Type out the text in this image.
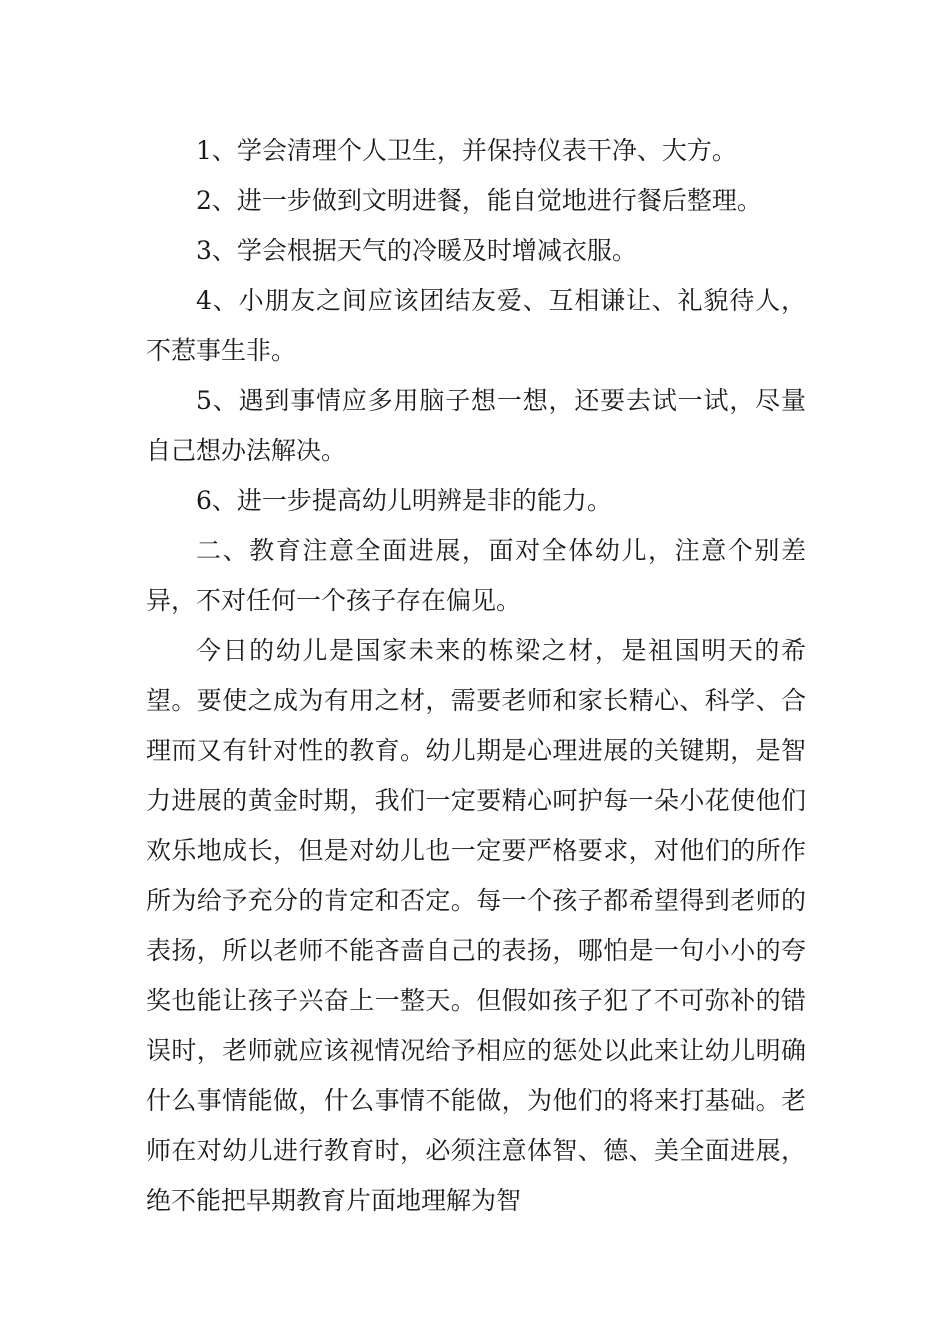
1、学会清理个人卫生，并保持仪表干净、大方。

2、进一步做到文明进餐，能自觉地进行餐后整理。

3、学会根据天气的冷暖及时增减衣服。

4、小朋友之间应该团结友爱、互相谦让、礼貌待人，不惹事生非。

5、遇到事情应多用脑子想一想，还要去试一试，尽量自己想办法解决。

6、进一步提高幼儿明辨是非的能力。

二、教育注意全面进展，面对全体幼儿，注意个别差异，不对任何一个孩子存在偏见。

今日的幼儿是国家未来的栋梁之材，是祖国明天的希望。要使之成为有用之材，需要老师和家长精心、科学、合理而又有针对性的教育。幼儿期是心理进展的关键期，是智力进展的黄金时期，我们一定要精心呵护每一朵小花使他们欢乐地成长，但是对幼儿也一定要严格要求，对他们的所作所为给予充分的肯定和否定。每一个孩子都希望得到老师的表扬，所以老师不能吝啬自己的表扬，哪怕是一句小小的夸奖也能让孩子兴奋上一整天。但假如孩子犯了不可弥补的错误时，老师就应该视情况给予相应的惩处以此来让幼儿明确什么事情能做，什么事情不能做，为他们的将来打基础。老师在对幼儿进行教育时，必须注意体智、德、美全面进展，绝不能把早期教育片面地理解为智
